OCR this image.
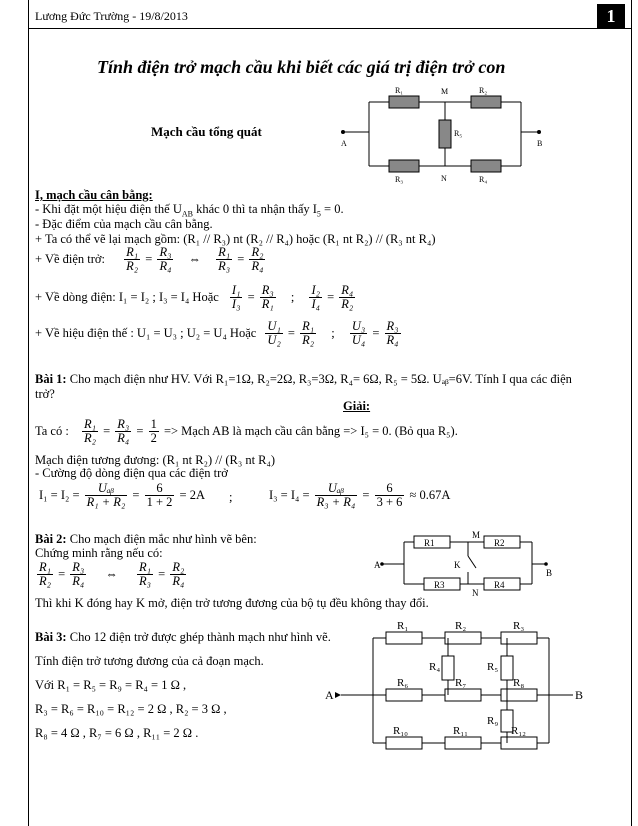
Lương Đức Trường - 19/8/2013	1
Tính điện trở mạch cầu khi biết các giá trị điện trở con
Mạch cầu tổng quát
R₁	R₂
R₃	R₄
R₅
M
N
A	B
I, mạch cầu cân bằng:
- Khi đặt một hiệu điện thế $U_{AB}$ khác 0 thì ta nhận thấy $I_5 = 0$.
- Đặc điểm của mạch cầu cân bằng.
+ Ta có thể vẽ lại mạch gồm: (R₁ // R₃) nt (R₂ // R₄) hoặc (R₁ nt R₂) // (R₃ nt R₄)
+ Về điện trở: $\frac{\text{R₁}}{\text{R₂}} = \frac{\text{R₃}}{\text{R₄}}$ ⇔ $\frac{\text{R₁}}{\text{R₃}} = \frac{\text{R₂}}{\text{R₄}}$
+ Về dòng điện: I₁ = I₂ ; I₃ = I₄ Hoặc $\frac{\text{I₁}}{\text{I₃}} = \frac{\text{R₃}}{\text{R₁}}$ ; $\frac{\text{I₂}}{\text{I₄}} = \frac{\text{R₄}}{\text{R₂}}$
+ Về hiệu điện thế : U₁ = U₃ ; U₂ = U₄ Hoặc $\frac{\text{U₁}}{\text{U₂}} = \frac{\text{R₁}}{\text{R₂}}$ ; $\frac{\text{U₃}}{\text{U₄}} = \frac{\text{R₃}}{\text{R₄}}$
Bài 1: Cho mạch điện như HV. Với R₁=1Ω, R₂=2Ω, R₃=3Ω, R₄= 6Ω, R₅ = 5Ω. Uₐᵦ=6V. Tính I qua các điện
trở?
Giải:
Ta có : $\frac{\text{R₁}}{\text{R₂}} = \frac{\text{R₃}}{\text{R₄}} = \frac{1}{2}$ => Mạch AB là mạch cầu cân bằng => I₅ = 0. (Bỏ qua R₅).
Mạch điện tương đương: (R₁ nt R₂) // (R₃ nt R₄)
- Cường độ dòng điện qua các điện trở
$I_1 = I_2 = \frac{\text{Uₐᵦ}}{\text{R₁ + R₂}} = \frac{6}{1 + 2} = 2A$ ;	$I_3 = I_4 = \frac{\text{Uₐᵦ}}{\text{R₃ + R₄}} = \frac{6}{3 + 6} \approx 0.67A$
Bài 2: Cho mạch điện mắc như hình vẽ bên:
Chứng minh rằng nếu có:
$\frac{\text{R₁}}{\text{R₂}} = \frac{\text{R₃}}{\text{R₄}}$ ⇔ $\frac{\text{R₁}}{\text{R₃}} = \frac{\text{R₂}}{\text{R₄}}$
Thì khi K đóng hay K mở, điện trở tương đương của bộ tụ đều không thay đổi.
R1	R2
R3	R4
M
N
K
A
B
Bài 3: Cho 12 điện trở được ghép thành mạch như hình vẽ.
Tính điện trở tương đương của cả đoạn mạch.
Với R₁ = R₅ = R₉ = R₄ = 1 Ω ,
R₃ = R₆ = R₁₀ = R₁₂ = 2 Ω , R₂ = 3 Ω ,
R₈ = 4 Ω , R₇ = 6 Ω , R₁₁ = 2 Ω .
R₁	R₂	R₃
R₄	R₅
R₆	R₇	R₈
R₉
R₁₀	R₁₁	R₁₂
A	B
